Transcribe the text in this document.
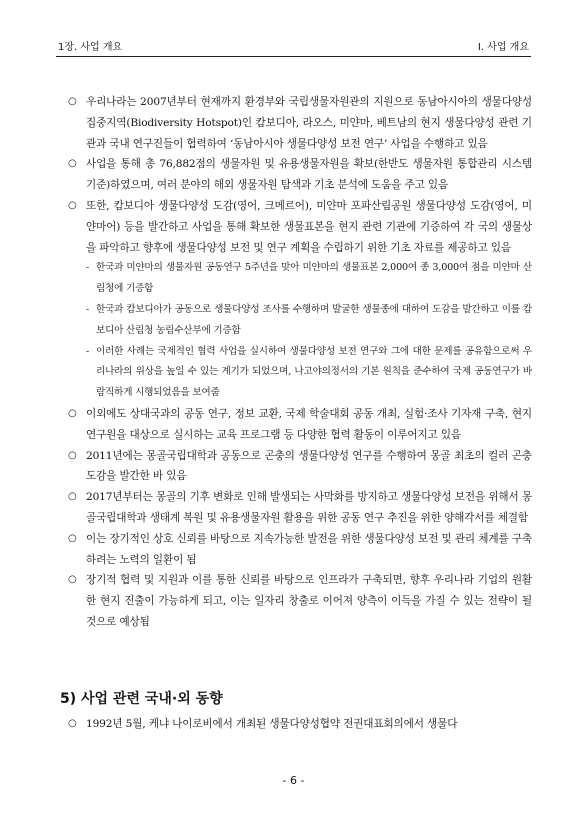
1장. 사업 개요	Ⅰ. 사업 개요
○ 우리나라는 2007년부터 현재까지 환경부와 국립생물자원관의 지원으로 동남아시아의 생물다양성 집중지역(Biodiversity Hotspot)인 캄보디아, 라오스, 미얀마, 베트남의 현지 생물다양성 관련 기관과 국내 연구진들이 협력하여 ‘동남아시아 생물다양성 보전 연구’ 사업을 수행하고 있음
○ 사업을 통해 총 76,882점의 생물자원 및 유용생물자원을 확보(한반도 생물자원 통합관리 시스템 기준)하였으며, 여러 분야의 해외 생물자원 탐색과 기초 분석에 도움을 주고 있음
○ 또한, 캄보디아 생물다양성 도감(영어, 크메르어), 미얀마 포파산림공원 생물다양성 도감(영어, 미얀마어) 등을 발간하고 사업을 통해 확보한 생물표본을 현지 관련 기관에 기증하여 각 국의 생물상을 파악하고 향후에 생물다양성 보전 및 연구 계획을 수립하기 위한 기초 자료를 제공하고 있음
- 한국과 미얀마의 생물자원 공동연구 5주년을 맞아 미얀마의 생물표본 2,000여 종 3,000여 점을 미얀마 산림청에 기증함
- 한국과 캄보디아가 공동으로 생물다양성 조사를 수행하며 발굴한 생물종에 대하여 도감을 발간하고 이를 캄보디아 산림청 농림수산부에 기증함
- 이러한 사례는 국제적인 협력 사업을 실시하여 생물다양성 보전 연구와 그에 대한 문제를 공유함으로써 우리나라의 위상을 높일 수 있는 계기가 되었으며, 나고야의정서의 기본 원칙을 준수하여 국제 공동연구가 바람직하게 시행되었음을 보여줌
○ 이외에도 상대국과의 공동 연구, 정보 교환, 국제 학술대회 공동 개최, 실험·조사 기자재 구축, 현지연구원을 대상으로 실시하는 교육 프로그램 등 다양한 협력 활동이 이루어지고 있음
○ 2011년에는 몽골국립대학과 공동으로 곤충의 생물다양성 연구를 수행하여 몽골 최초의 컬러 곤충도감을 발간한 바 있음
○ 2017년부터는 몽골의 기후 변화로 인해 발생되는 사막화를 방지하고 생물다양성 보전을 위해서 몽골국립대학과 생태계 복원 및 유용생물자원 활용을 위한 공동 연구 추진을 위한 양해각서를 체결함
○ 이는 장기적인 상호 신뢰를 바탕으로 지속가능한 발전을 위한 생물다양성 보전 및 관리 체계를 구축하려는 노력의 일환이 됨
○ 장기적 협력 및 지원과 이를 통한 신뢰를 바탕으로 인프라가 구축되면, 향후 우리나라 기업의 원활한 현지 진출이 가능하게 되고, 이는 일자리 창출로 이어져 양측이 이득을 가질 수 있는 전략이 될 것으로 예상됨
5) 사업 관련 국내·외 동향
○ 1992년 5월, 케냐 나이로비에서 개최된 생물다양성협약 전권대표회의에서 생물다
- 6 -
